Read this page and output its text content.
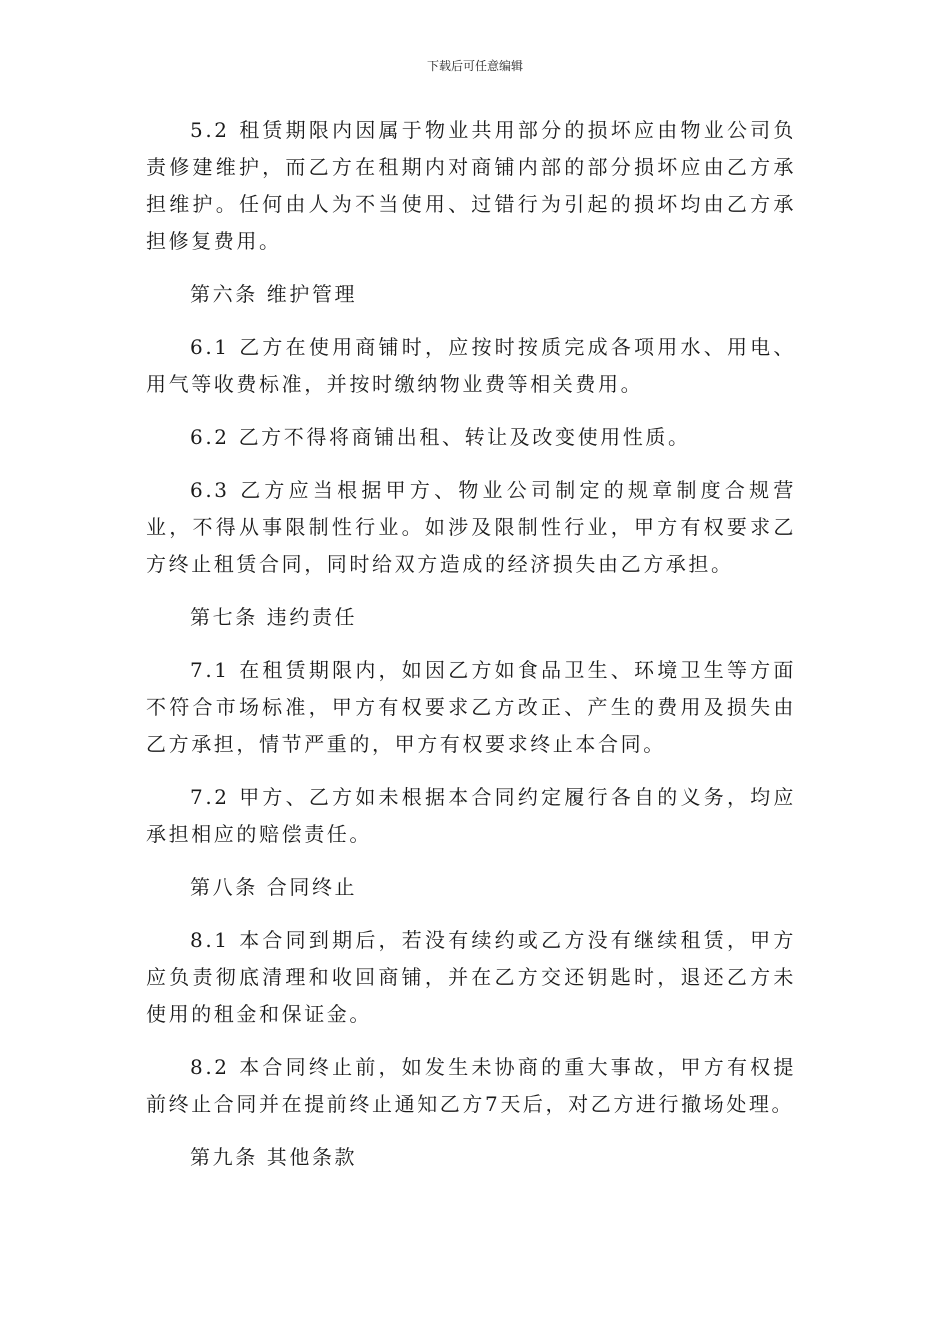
下载后可任意编辑

5.2 租赁期限内因属于物业共用部分的损坏应由物业公司负责修建维护，而乙方在租期内对商铺内部的部分损坏应由乙方承担维护。任何由人为不当使用、过错行为引起的损坏均由乙方承担修复费用。

第六条 维护管理

6.1 乙方在使用商铺时，应按时按质完成各项用水、用电、用气等收费标准，并按时缴纳物业费等相关费用。

6.2 乙方不得将商铺出租、转让及改变使用性质。

6.3 乙方应当根据甲方、物业公司制定的规章制度合规营业，不得从事限制性行业。如涉及限制性行业，甲方有权要求乙方终止租赁合同，同时给双方造成的经济损失由乙方承担。

第七条 违约责任

7.1 在租赁期限内，如因乙方如食品卫生、环境卫生等方面不符合市场标准，甲方有权要求乙方改正、产生的费用及损失由乙方承担，情节严重的，甲方有权要求终止本合同。

7.2 甲方、乙方如未根据本合同约定履行各自的义务，均应承担相应的赔偿责任。

第八条 合同终止

8.1 本合同到期后，若没有续约或乙方没有继续租赁，甲方应负责彻底清理和收回商铺，并在乙方交还钥匙时，退还乙方未使用的租金和保证金。

8.2 本合同终止前，如发生未协商的重大事故，甲方有权提前终止合同并在提前终止通知乙方7天后，对乙方进行撤场处理。

第九条 其他条款
